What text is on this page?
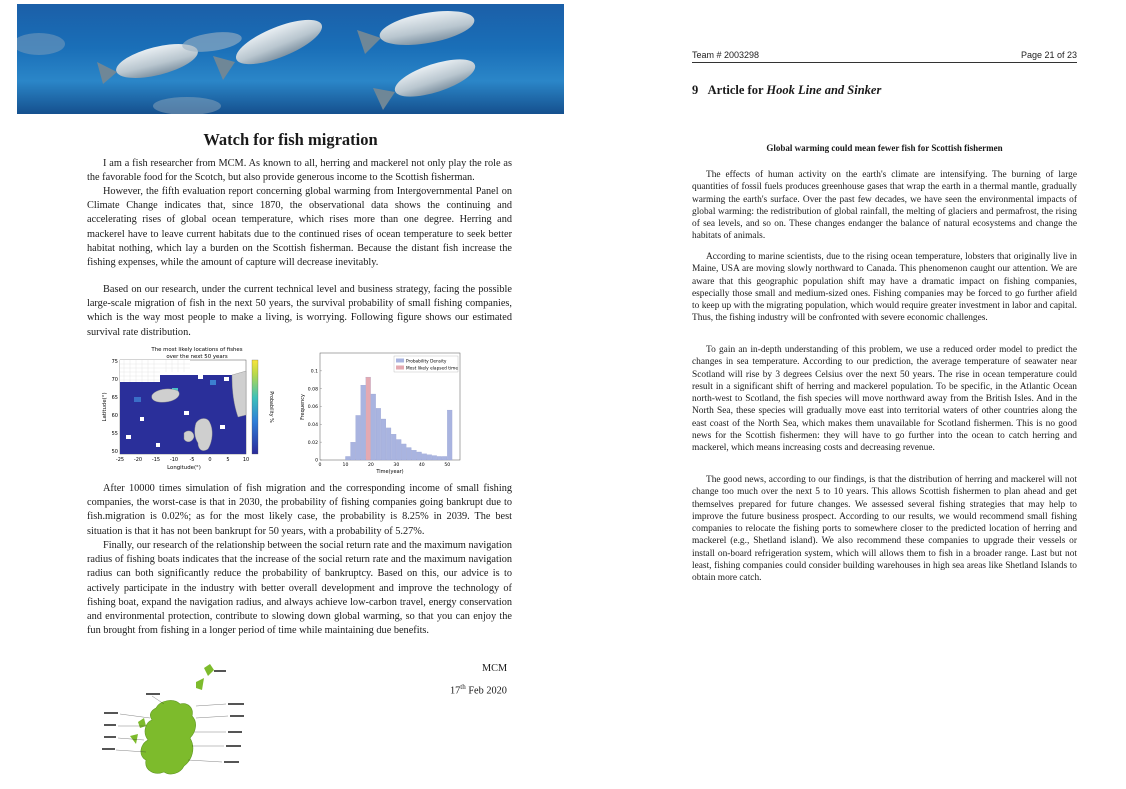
Watch for fish migration

I am a fish researcher from MCM. As known to all, herring and mackerel not only play the role as the favorable food for the Scotch, but also provide generous income to the Scottish fisherman.

However, the fifth evaluation report concerning global warming from Intergovernmental Panel on Climate Change indicates that, since 1870, the observational data shows the continuing and accelerating rises of global ocean temperature, which rises more than one degree. Herring and mackerel have to leave current habitats due to the continued rises of ocean temperature to seek better habitat nothing, which lay a burden on the Scottish fisherman. Because the distant fish increase the fishing expenses, while the amount of capture will decrease inevitably.

Based on our research, under the current technical level and business strategy, facing the possible large-scale migration of fish in the next 50 years, the survival probability of small fishing companies, which is the way most people to make a living, is worrying. Following figure shows our estimated survival rate distribution.

The most likely locations of fishes
over the next 50 years
75
70
65
60
55
50
-25 -20 -15 -10 -5	0	5	10
Longitude(°)
Latitude(°)	Probability %
0
0.02
0.04
0.06
0.08
0.1
0	10	20	30	40	50
Time(year)
Frequency
Probability Density
Most likely elapsed time

After 10000 times simulation of fish migration and the corresponding income of small fishing companies, the worst-case is that in 2030, the probability of fishing companies going bankrupt due to fish.migration is 0.02%; as for the most likely case, the probability is 8.25% in 2039. The best situation is that it has not been bankrupt for 50 years, with a probability of 5.27%.

Finally, our research of the relationship between the social return rate and the maximum navigation radius of fishing boats indicates that the increase of the social return rate and the maximum navigation radius can both significantly reduce the probability of bankruptcy. Based on this, our advice is to actively participate in the industry with better overall development and improve the technology of fishing boat, expand the navigation radius, and always achieve low-carbon travel, energy conservation and environmental protection, contribute to slowing down global warming, so that you can enjoy the fun brought from fishing in a longer period of time while maintaining due benefits.

MCM
17th Feb 2020
Team # 2003298	Page 21 of 23
9 Article for Hook Line and Sinker
Global warming could mean fewer fish for Scottish fishermen

The effects of human activity on the earth's climate are intensifying. The burning of large quantities of fossil fuels produces greenhouse gases that wrap the earth in a thermal mantle, gradually warming the earth's surface. Over the past few decades, we have seen the environmental impacts of global warming: the redistribution of global rainfall, the melting of glaciers and permafrost, the rising of sea levels, and so on. These changes endanger the balance of natural ecosystems and change the habitats of animals.

According to marine scientists, due to the rising ocean temperature, lobsters that originally live in Maine, USA are moving slowly northward to Canada. This phenomenon caught our attention. We are aware that this geographic population shift may have a dramatic impact on fishing companies, especially those small and medium-sized ones. Fishing companies may be forced to go further afield to keep up with the migrating population, which would require greater investment in labor and capital. Thus, the fishing industry will be confronted with severe economic challenges.

To gain an in-depth understanding of this problem, we use a reduced order model to predict the changes in sea temperature. According to our prediction, the average temperature of seawater near Scotland will rise by 3 degrees Celsius over the next 50 years. The rise in ocean temperature could result in a significant shift of herring and mackerel population. To be specific, in the Atlantic Ocean north-west to Scotland, the fish species will move northward away from the British Isles. And in the North Sea, these species will gradually move east into territorial waters of other countries along the east coast of the North Sea, which makes them unavailable for Scotland fishermen. This is no good news for the Scottish fishermen: they will have to go further into the ocean to catch herring and mackerel, which means increasing costs and decreasing revenue.

The good news, according to our findings, is that the distribution of herring and mackerel will not change too much over the next 5 to 10 years. This allows Scottish fishermen to plan ahead and get themselves prepared for future changes. We assessed several fishing strategies that may help to improve the future business prospect. According to our results, we would recommend small fishing companies to relocate the fishing ports to somewhere closer to the predicted location of herring and mackerel (e.g., Shetland island). We also recommend these companies to upgrade their vessels or install on-board refrigeration system, which will allows them to fish in a broader range. Last but not least, fishing companies could consider building warehouses in high sea areas like Shetland Islands to obtain more catch.
